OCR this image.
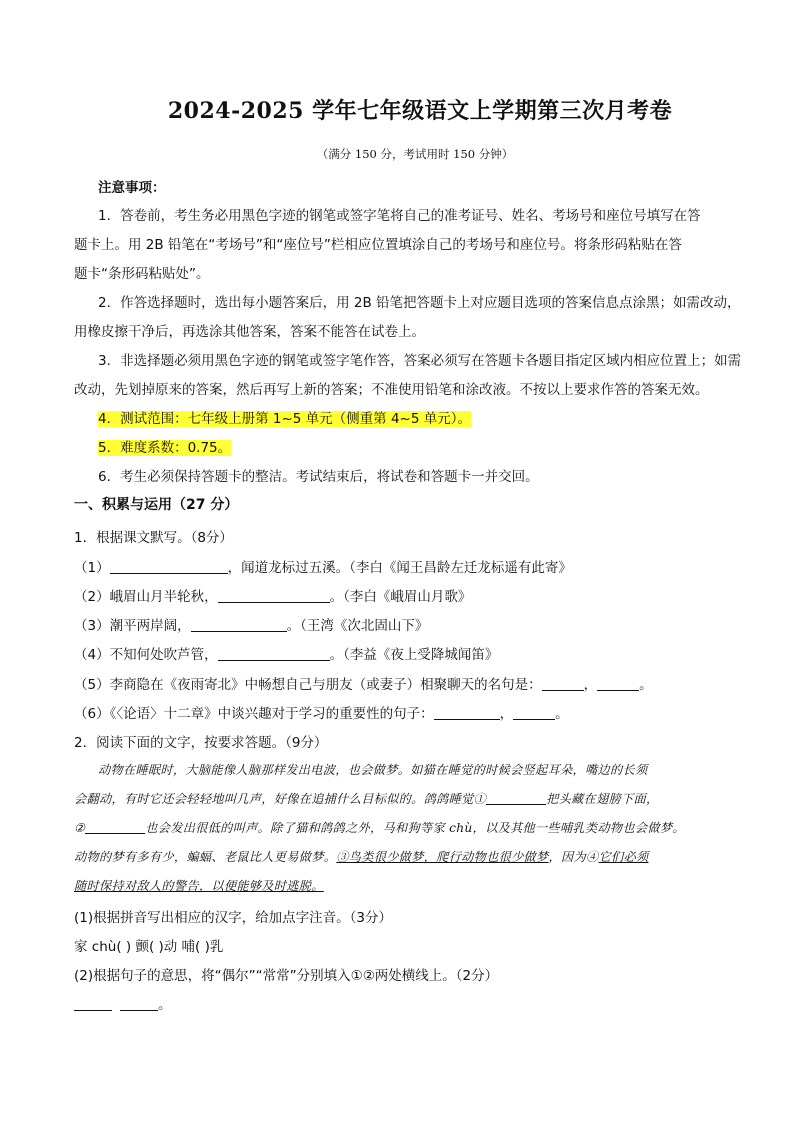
2024-2025 学年七年级语文上学期第三次月考卷
（满分 150 分，考试用时 150 分钟）
注意事项：
1．答卷前，考生务必用黑色字迹的钢笔或签字笔将自己的准考证号、姓名、考场号和座位号填写在答
题卡上。用 2B 铅笔在“考场号”和“座位号”栏相应位置填涂自己的考场号和座位号。将条形码粘贴在答
题卡“条形码粘贴处”。
2．作答选择题时，选出每小题答案后，用 2B 铅笔把答题卡上对应题目选项的答案信息点涂黑；如需改动，
用橡皮擦干净后，再选涂其他答案，答案不能答在试卷上。
3．非选择题必须用黑色字迹的钢笔或签字笔作答，答案必须写在答题卡各题目指定区域内相应位置上；如需
改动，先划掉原来的答案，然后再写上新的答案；不准使用铅笔和涂改液。不按以上要求作答的答案无效。
4．测试范围：七年级上册第 1~5 单元（侧重第 4~5 单元）。
5．难度系数：0.75。
6．考生必须保持答题卡的整洁。考试结束后，将试卷和答题卡一并交回。
一、积累与运用（27 分）
1．根据课文默写。（8分）
（1）	，闻道龙标过五溪。（李白《闻王昌龄左迁龙标遥有此寄》
（2）峨眉山月半轮秋，	。（李白《峨眉山月歌》
（3）潮平两岸阔，	。（王湾《次北固山下》
（4）不知何处吹芦管，	。（李益《夜上受降城闻笛》
（5）李商隐在《夜雨寄北》中畅想自己与朋友（或妻子）相聚聊天的名句是：	，	。
（6）《〈论语〉十二章》中谈兴趣对于学习的重要性的句子：	，	。
2．阅读下面的文字，按要求答题。（9分）
动物在睡眠时，大脑能像人脑那样发出电波，也会做梦。如猫在睡觉的时候会竖起耳朵，嘴边的长须
会翻动，有时它还会轻轻地叫几声，好像在追捕什么目标似的。鸽鸽睡觉①	把头藏在翅膀下面，
②	也会发出很低的叫声。除了猫和鸽鸽之外，马和狗等家 chù，以及其他一些哺乳类动物也会做梦。
动物的梦有多有少，蝙蝠、老鼠比人更易做梦。③鸟类很少做梦，爬行动物也很少做梦，因为④它们必须
随时保持对敌人的警告，以便能够及时逃脱。
(1)根据拼音写出相应的汉字，给加点字注音。（3分）
家 chù( ) 颤( )动 哺( )乳
(2)根据句子的意思，将“偶尔”“常常”分别填入①②两处横线上。（2分）
。
